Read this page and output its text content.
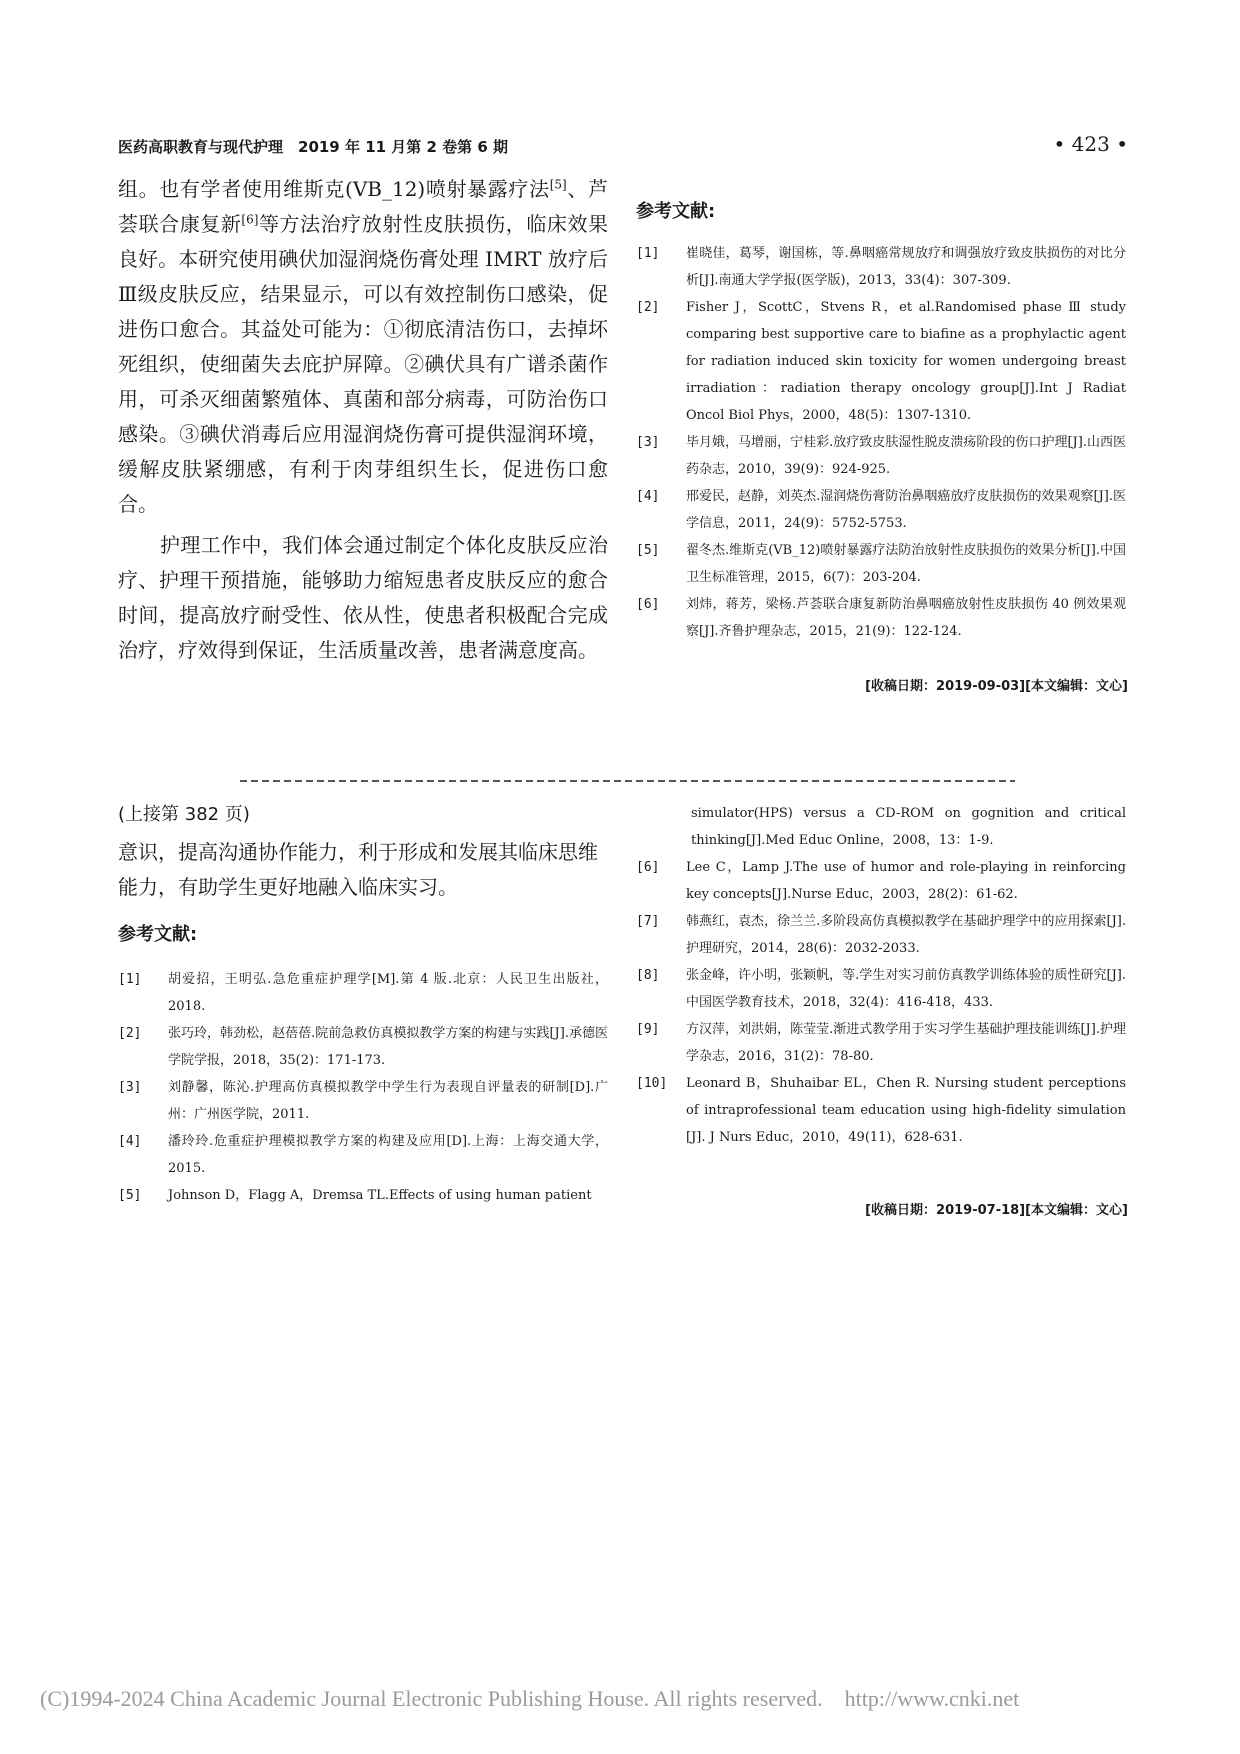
医药高职教育与现代护理　2019 年 11 月第 2 卷第 6 期	• 423 •

组。也有学者使用维斯克(VB_12)喷射暴露疗法[5]、芦荟联合康复新[6]等方法治疗放射性皮肤损伤，临床效果良好。本研究使用碘伏加湿润烧伤膏处理 IMRT 放疗后Ⅲ级皮肤反应，结果显示，可以有效控制伤口感染，促进伤口愈合。其益处可能为：①彻底清洁伤口，去掉坏死组织，使细菌失去庇护屏障。②碘伏具有广谱杀菌作用，可杀灭细菌繁殖体、真菌和部分病毒，可防治伤口感染。③碘伏消毒后应用湿润烧伤膏可提供湿润环境，缓解皮肤紧绷感，有利于肉芽组织生长，促进伤口愈合。

护理工作中，我们体会通过制定个体化皮肤反应治疗、护理干预措施，能够助力缩短患者皮肤反应的愈合时间，提高放疗耐受性、依从性，使患者积极配合完成治疗，疗效得到保证，生活质量改善，患者满意度高。

参考文献:
[1]	崔晓佳，葛琴，谢国栋，等.鼻咽癌常规放疗和调强放疗致皮肤损伤的对比分析[J].南通大学学报(医学版)，2013，33(4)：307-309.
[2]	Fisher J，ScottC，Stvens R，et al.Randomised phase Ⅲ study comparing best supportive care to biafine as a prophylactic agent for radiation induced skin toxicity for women undergoing breast irradiation：radiation therapy oncology group[J].Int J Radiat Oncol Biol Phys，2000，48(5)：1307-1310.
[3]	毕月娥，马增丽，宁桂彩.放疗致皮肤湿性脱皮溃疡阶段的伤口护理[J].山西医药杂志，2010，39(9)：924-925.
[4]	邢爱民，赵静，刘英杰.湿润烧伤膏防治鼻咽癌放疗皮肤损伤的效果观察[J].医学信息，2011，24(9)：5752-5753.
[5]	翟冬杰.维斯克(VB_12)喷射暴露疗法防治放射性皮肤损伤的效果分析[J].中国卫生标准管理，2015，6(7)：203-204.
[6]	刘炜，蒋芳，梁杨.芦荟联合康复新防治鼻咽癌放射性皮肤损伤 40 例效果观察[J].齐鲁护理杂志，2015，21(9)：122-124.
[收稿日期：2019-09-03][本文编辑：文心]
(上接第 382 页)

意识，提高沟通协作能力，利于形成和发展其临床思维能力，有助学生更好地融入临床实习。

参考文献:
[1]	胡爱招，王明弘.急危重症护理学[M].第 4 版.北京：人民卫生出版社，2018.
[2]	张巧玲，韩劲松，赵蓓蓓.院前急救仿真模拟教学方案的构建与实践[J].承德医学院学报，2018，35(2)：171-173.
[3]	刘静馨，陈沁.护理高仿真模拟教学中学生行为表现自评量表的研制[D].广州：广州医学院，2011.
[4]	潘玲玲.危重症护理模拟教学方案的构建及应用[D].上海：上海交通大学，2015.
[5]	Johnson D，Flagg A，Dremsa TL.Effects of using human patient
simulator(HPS) versus a CD-ROM on gognition and critical thinking[J].Med Educ Online，2008，13：1-9.
[6]	Lee C，Lamp J.The use of humor and role-playing in reinforcing key concepts[J].Nurse Educ，2003，28(2)：61-62.
[7]	韩燕红，袁杰，徐兰兰.多阶段高仿真模拟教学在基础护理学中的应用探索[J].护理研究，2014，28(6)：2032-2033.
[8]	张金峰，许小明，张颖帆，等.学生对实习前仿真教学训练体验的质性研究[J].中国医学教育技术，2018，32(4)：416-418，433.
[9]	方汉萍，刘洪娟，陈莹莹.渐进式教学用于实习学生基础护理技能训练[J].护理学杂志，2016，31(2)：78-80.
[10]	Leonard B，Shuhaibar EL，Chen R. Nursing student perceptions of intraprofessional team education using high-fidelity simulation [J]. J Nurs Educ，2010，49(11)，628-631.
[收稿日期：2019-07-18][本文编辑：文心]
(C)1994-2024 China Academic Journal Electronic Publishing House. All rights reserved.　http://www.cnki.net
